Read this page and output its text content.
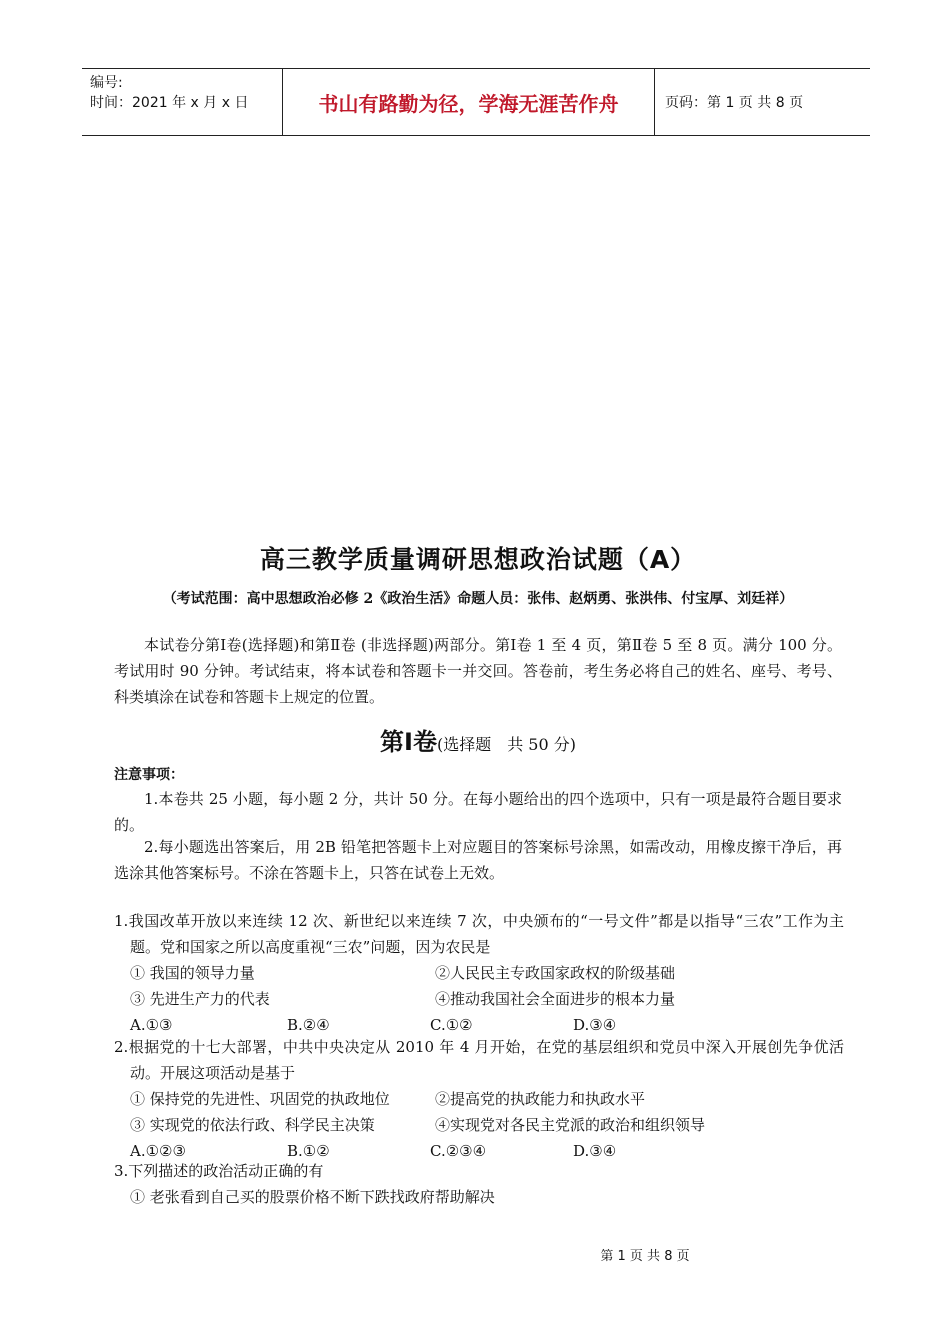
编号:
时间：2021 年 x 月 x 日	书山有路勤为径，学海无涯苦作舟	页码：第 1 页 共 8 页
高三教学质量调研思想政治试题（A）
（考试范围：高中思想政治必修 2《政治生活》命题人员：张伟、赵炳勇、张洪伟、付宝厚、刘廷祥）
本试卷分第Ⅰ卷(选择题)和第Ⅱ卷 (非选择题)两部分。第Ⅰ卷 1 至 4 页，第Ⅱ卷 5 至 8 页。满分 100 分。考试用时 90 分钟。考试结束，将本试卷和答题卡一并交回。答卷前，考生务必将自己的姓名、座号、考号、科类填涂在试卷和答题卡上规定的位置。
第Ⅰ卷(选择题　共 50 分)
注意事项：
1.本卷共 25 小题，每小题 2 分，共计 50 分。在每小题给出的四个选项中，只有一项是最符合题目要求的。
2.每小题选出答案后，用 2B 铅笔把答题卡上对应题目的答案标号涂黑，如需改动，用橡皮擦干净后，再选涂其他答案标号。不涂在答题卡上，只答在试卷上无效。
1.我国改革开放以来连续 12 次、新世纪以来连续 7 次，中央颁布的“一号文件”都是以指导“三农”工作为主题。党和国家之所以高度重视“三农”问题，因为农民是
① 我国的领导力量	②人民民主专政国家政权的阶级基础
③ 先进生产力的代表	④推动我国社会全面进步的根本力量
A.①③	B.②④	C.①②	D.③④
2.根据党的十七大部署，中共中央决定从 2010 年 4 月开始，在党的基层组织和党员中深入开展创先争优活动。开展这项活动是基于
① 保持党的先进性、巩固党的执政地位	②提高党的执政能力和执政水平
③ 实现党的依法行政、科学民主决策	④实现党对各民主党派的政治和组织领导
A.①②③	B.①②	C.②③④	D.③④
3.下列描述的政治活动正确的有
① 老张看到自己买的股票价格不断下跌找政府帮助解决
第 1 页 共 8 页
